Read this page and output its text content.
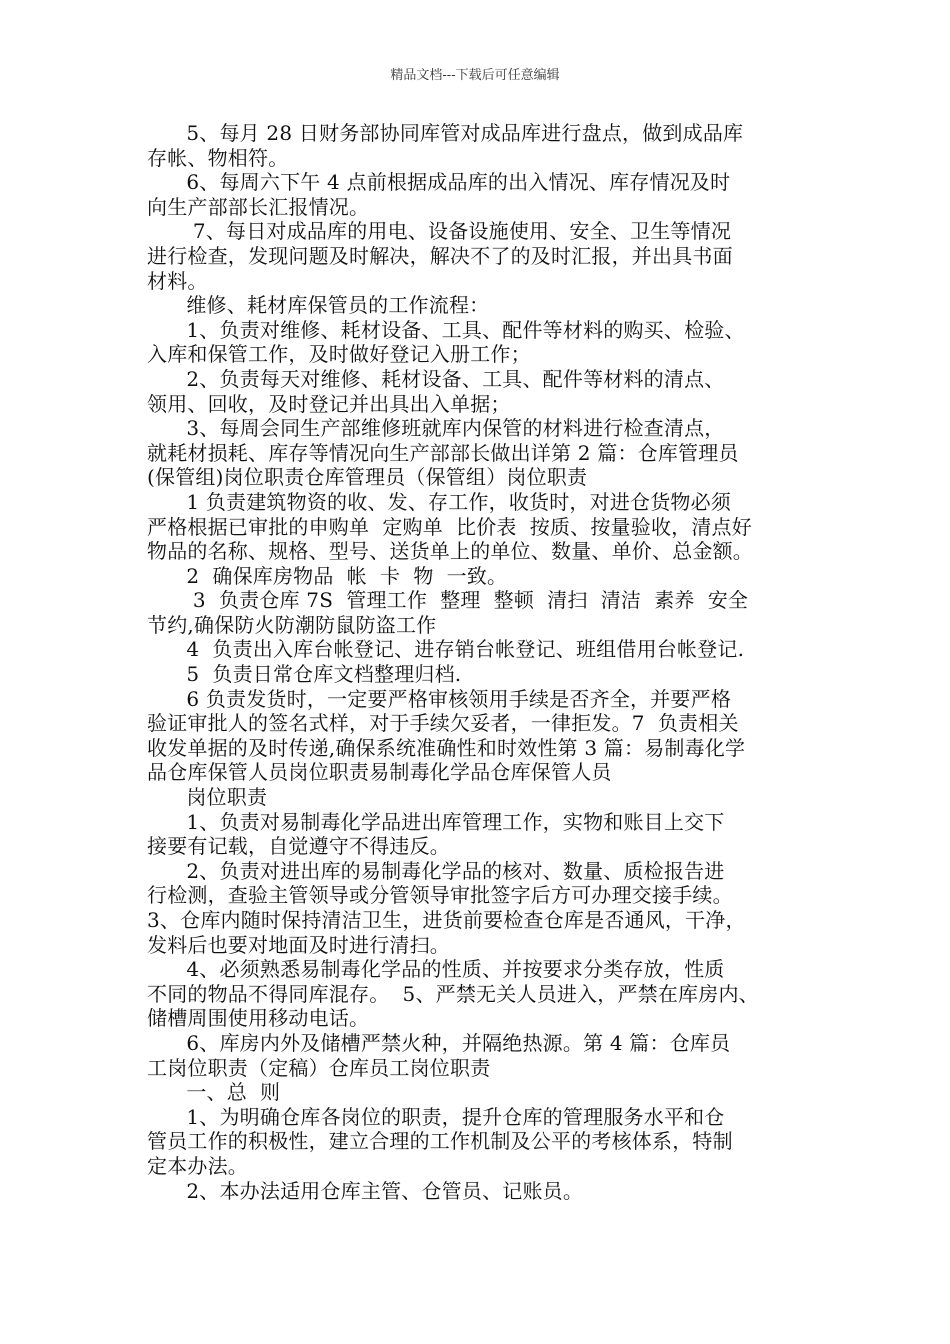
精品文档---下载后可任意编辑
5、每月 28 日财务部协同库管对成品库进行盘点，做到成品库
存帐、物相符。
6、每周六下午 4 点前根据成品库的出入情况、库存情况及时
向生产部部长汇报情况。
7、每日对成品库的用电、设备设施使用、安全、卫生等情况
进行检查，发现问题及时解决，解决不了的及时汇报，并出具书面
材料。
维修、耗材库保管员的工作流程：
1、负责对维修、耗材设备、工具、配件等材料的购买、检验、
入库和保管工作，及时做好登记入册工作；
2、负责每天对维修、耗材设备、工具、配件等材料的清点、
领用、回收，及时登记并出具出入单据；
3、每周会同生产部维修班就库内保管的材料进行检查清点，
就耗材损耗、库存等情况向生产部部长做出详第 2 篇：仓库管理员
(保管组)岗位职责仓库管理员（保管组）岗位职责
1 负责建筑物资的收、发、存工作，收货时，对进仓货物必须
严格根据已审批的申购单  定购单  比价表  按质、按量验收，清点好
物品的名称、规格、型号、送货单上的单位、数量、单价、总金额。
2  确保库房物品  帐  卡  物  一致。
3  负责仓库 7S  管理工作  整理  整顿  清扫  清洁  素养  安全
节约,确保防火防潮防鼠防盗工作
4  负责出入库台帐登记、进存销台帐登记、班组借用台帐登记.
5  负责日常仓库文档整理归档.
6 负责发货时，一定要严格审核领用手续是否齐全，并要严格
验证审批人的签名式样，对于手续欠妥者，一律拒发。7  负责相关
收发单据的及时传递,确保系统准确性和时效性第 3 篇：易制毒化学
品仓库保管人员岗位职责易制毒化学品仓库保管人员
岗位职责
1、负责对易制毒化学品进出库管理工作，实物和账目上交下
接要有记载，自觉遵守不得违反。
2、负责对进出库的易制毒化学品的核对、数量、质检报告进
行检测，查验主管领导或分管领导审批签字后方可办理交接手续。
3、仓库内随时保持清洁卫生，进货前要检查仓库是否通风，干净，
发料后也要对地面及时进行清扫。
4、必须熟悉易制毒化学品的性质、并按要求分类存放，性质
不同的物品不得同库混存。  5、严禁无关人员进入，严禁在库房内、
储槽周围使用移动电话。
6、库房内外及储槽严禁火种，并隔绝热源。第 4 篇：仓库员
工岗位职责（定稿）仓库员工岗位职责
一、总  则
1、为明确仓库各岗位的职责，提升仓库的管理服务水平和仓
管员工作的积极性，建立合理的工作机制及公平的考核体系，特制
定本办法。
2、本办法适用仓库主管、仓管员、记账员。
